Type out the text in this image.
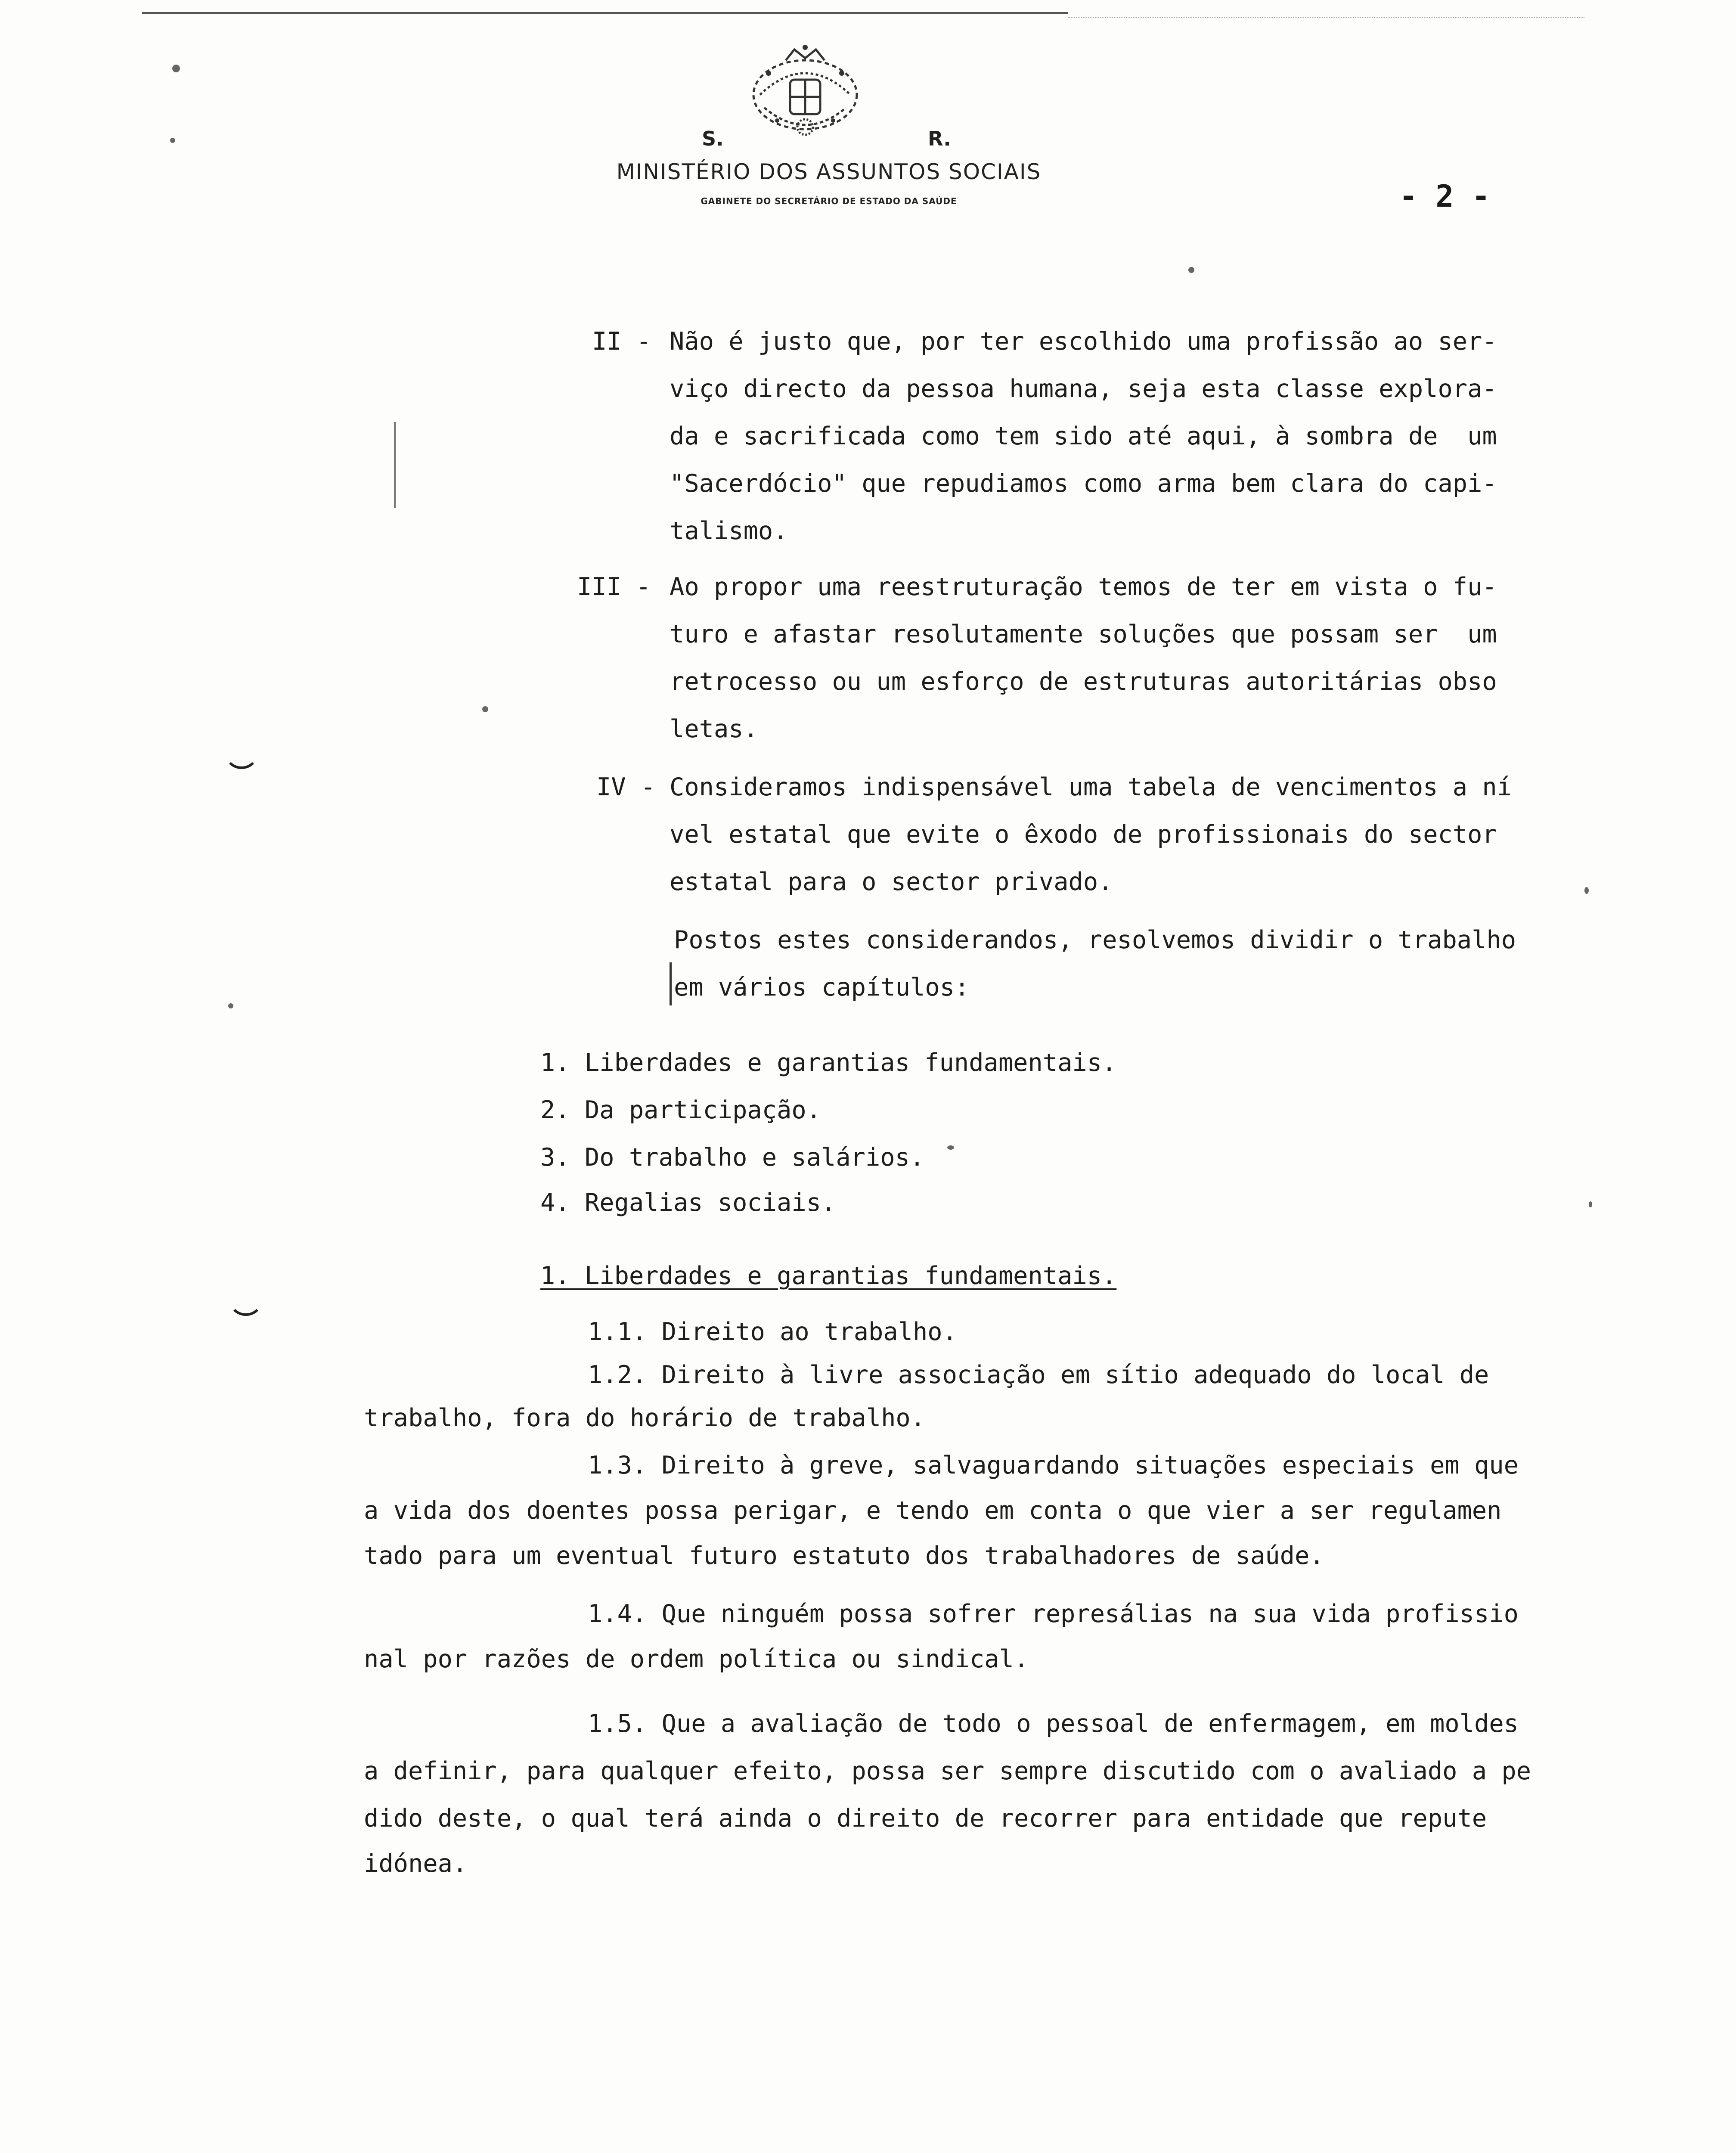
S.	R.
MINISTÉRIO DOS ASSUNTOS SOCIAIS
GABINETE DO SECRETÁRIO DE ESTADO DA SAÚDE	- 2 -
II - Não é justo que, por ter escolhido uma profissão ao ser-
viço directo da pessoa humana, seja esta classe explora-
da e sacrificada como tem sido até aqui, à sombra de  um
"Sacerdócio" que repudiamos como arma bem clara do capi-
talismo.
III - Ao propor uma reestruturação temos de ter em vista o fu-
turo e afastar resolutamente soluções que possam ser  um
retrocesso ou um esforço de estruturas autoritárias obso
letas.
IV - Consideramos indispensável uma tabela de vencimentos a ní
vel estatal que evite o êxodo de profissionais do sector
estatal para o sector privado.
Postos estes considerandos, resolvemos dividir o trabalho
em vários capítulos:
1. Liberdades e garantias fundamentais.
2. Da participação.
3. Do trabalho e salários.
4. Regalias sociais.
1. Liberdades e garantias fundamentais.
1.1. Direito ao trabalho.
1.2. Direito à livre associação em sítio adequado do local de
trabalho, fora do horário de trabalho.
1.3. Direito à greve, salvaguardando situações especiais em que
a vida dos doentes possa perigar, e tendo em conta o que vier a ser regulamen
tado para um eventual futuro estatuto dos trabalhadores de saúde.
1.4. Que ninguém possa sofrer represálias na sua vida profissio
nal por razões de ordem política ou sindical.
1.5. Que a avaliação de todo o pessoal de enfermagem, em moldes
a definir, para qualquer efeito, possa ser sempre discutido com o avaliado a pe
dido deste, o qual terá ainda o direito de recorrer para entidade que repute
idónea.
